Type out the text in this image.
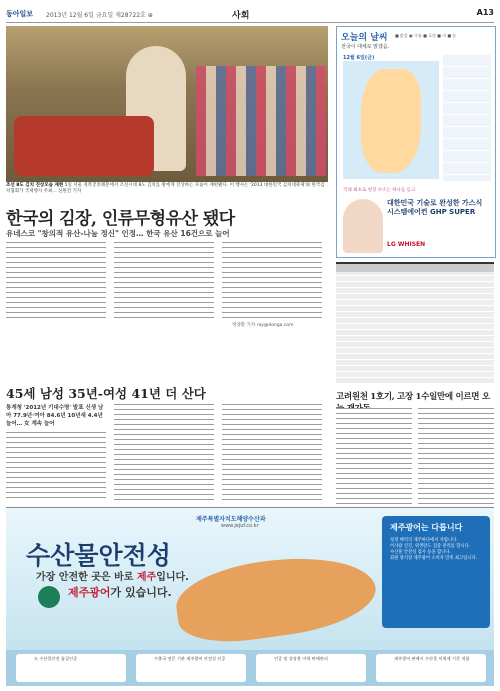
동아일보 2013년 12월 6일 금요일 제28722호 ⊕	사회	A13
조선 8도 김치 진상모습 재현 5일 서울 경복궁흥례문에서 조선시대 8도 김치를 왕에게 진상하는 모습이 재현됐다. 이 행사는 '2013 대한민국 김치대축제'와 한국김치협회가 국제행사 주최... 신원건 기자
한국의 김장, 인류무형유산 됐다
유네스코 "창의적 유산-나눔 정신" 인정… 한국 유산 16건으로 늘어
정양환 기자 ray@donga.com
오늘의 날씨 ■ 맑음 ▣ 구름 ■ 흐림 ■ 비 ■ 눈
전국이 대체로 맑겠음.
12월 6일(금)
국내 최초로 천장 수소는 하나를 들고
대한민국 기술로 완성한 가스식 시스템에어컨 GHP SUPER
LG WHISEN
45세 남성 35년-여성 41년 더 산다
통계청 '2012년 기대수명' 발표 신생 남아 77.9년·여아 84.6년 10년새 4.4년 늘어… 女 계속 늘어
고려원천 1호기, 고장 1수일만에 이르면 오
제주특별자치도해양수산과
www.jejuf.co.kr
수산물안전성
가장 안전한 곳은 바로 제주입니다.
제주광어가 있습니다.
제주광어는 다릅니다
청정 해역의 제주바다에서 자랍니다.
어사람 연간, 위생란도 검증 관리를 합니다.
수산물 안전성 검사 등을 합니다.
회원 양식장 제주광어 소비자 만족 최고입니다.
도 수산물안전 품질인증	수출국 전문 기관 제주광어 안전성 인증	인증 및 성장용 이력 판매관리	제주광어 판매시 수산물 이력제 기준 적합
